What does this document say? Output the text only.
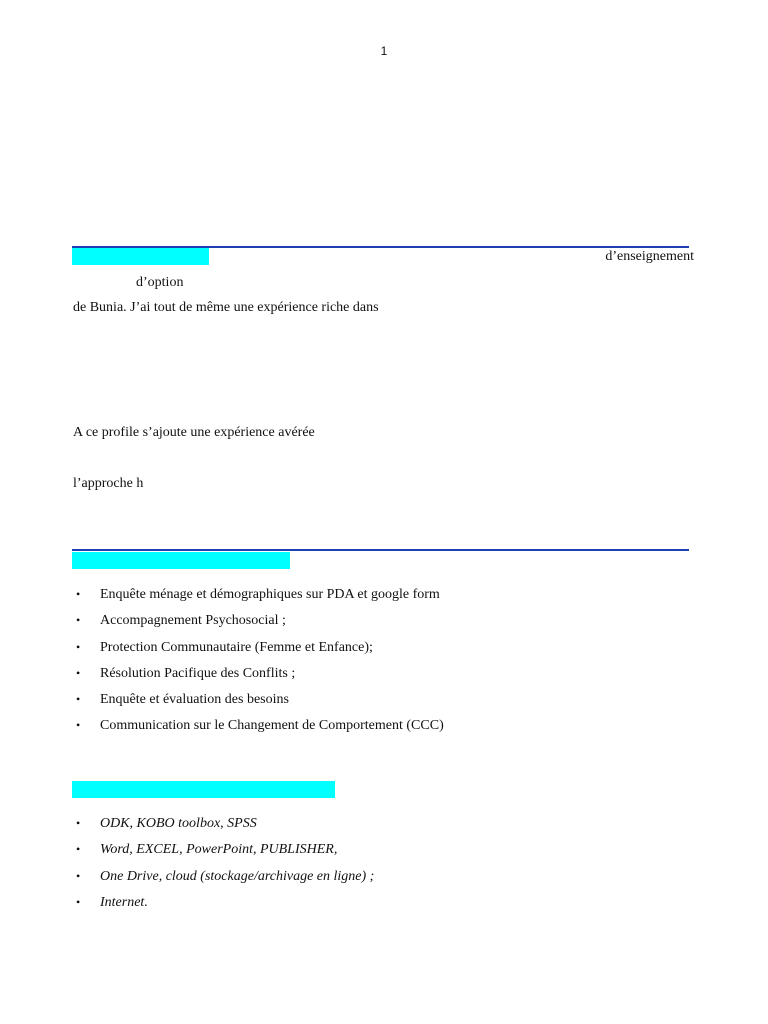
1
d’enseignement
d’option
de Bunia. J’ai tout de même une expérience riche dans
A ce profile s’ajoute une expérience avérée
l’approche h
• Enquête ménage et démographiques sur PDA et google form
• Accompagnement Psychosocial ;
• Protection Communautaire (Femme et Enfance);
• Résolution Pacifique des Conflits ;
• Enquête et évaluation des besoins
• Communication sur le Changement de Comportement (CCC)
• ODK, KOBO toolbox, SPSS
• Word, EXCEL, PowerPoint, PUBLISHER,
• One Drive, cloud (stockage/archivage en ligne) ;
• Internet.
